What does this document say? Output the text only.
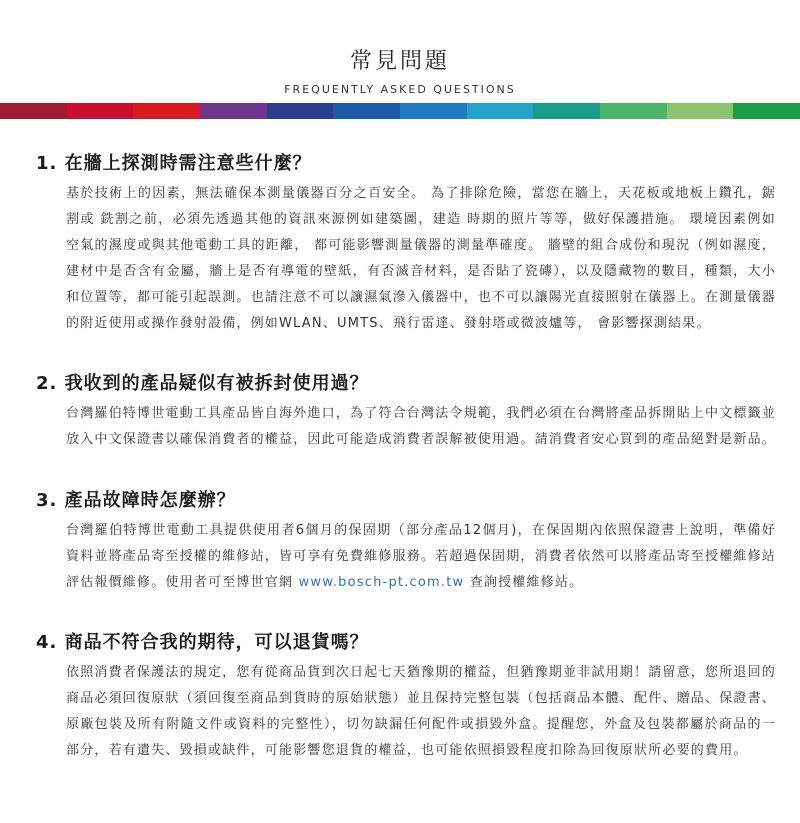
常見問題
FREQUENTLY ASKED QUESTIONS
1. 在牆上探測時需注意些什麼？

基於技術上的因素，無法確保本測量儀器百分之百安全。 為了排除危險，當您在牆上，天花板或地板上鑽孔，鋸割或 銑割之前，必須先透過其他的資訊來源例如建築圖，建造 時期的照片等等，做好保護措施。 環境因素例如空氣的濕度或與其他電動工具的距離， 都可能影響測量儀器的測量準確度。 牆壁的組合成份和現況（例如濕度，建材中是否含有金屬，牆上是否有導電的壁紙，有否滅音材料，是否貼了瓷磚），以及隱藏物的數目，種類，大小和位置等，都可能引起誤測。也請注意不可以讓濕氣滲入儀器中，也不可以讓陽光直接照射在儀器上。在測量儀器的附近使用或操作發射設備，例如WLAN、UMTS、飛行雷達、發射塔或微波爐等， 會影響探測結果。

2. 我收到的產品疑似有被拆封使用過？

台灣羅伯特博世電動工具產品皆自海外進口，為了符合台灣法令規範，我們必須在台灣將產品拆開貼上中文標籤並放入中文保證書以確保消費者的權益，因此可能造成消費者誤解被使用過。請消費者安心買到的產品絕對是新品。

3. 產品故障時怎麼辦？

台灣羅伯特博世電動工具提供使用者6個月的保固期（部分產品12個月)，在保固期內依照保證書上說明，準備好資料並將產品寄至授權的維修站，皆可享有免費維修服務。若超過保固期，消費者依然可以將產品寄至授權維修站評估報價維修。使用者可至博世官網 www.bosch-pt.com.tw 查詢授權維修站。

4. 商品不符合我的期待，可以退貨嗎？

依照消費者保護法的規定，您有從商品貨到次日起七天猶豫期的權益，但猶豫期並非試用期！請留意，您所退回的商品必須回復原狀（須回復至商品到貨時的原始狀態）並且保持完整包裝（包括商品本體、配件、贈品、保證書、原廠包裝及所有附隨文件或資料的完整性），切勿缺漏任何配件或損毀外盒。提醒您，外盒及包裝都屬於商品的一部分，若有遺失、毀損或缺件，可能影響您退貨的權益，也可能依照損毀程度扣除為回復原狀所必要的費用。
